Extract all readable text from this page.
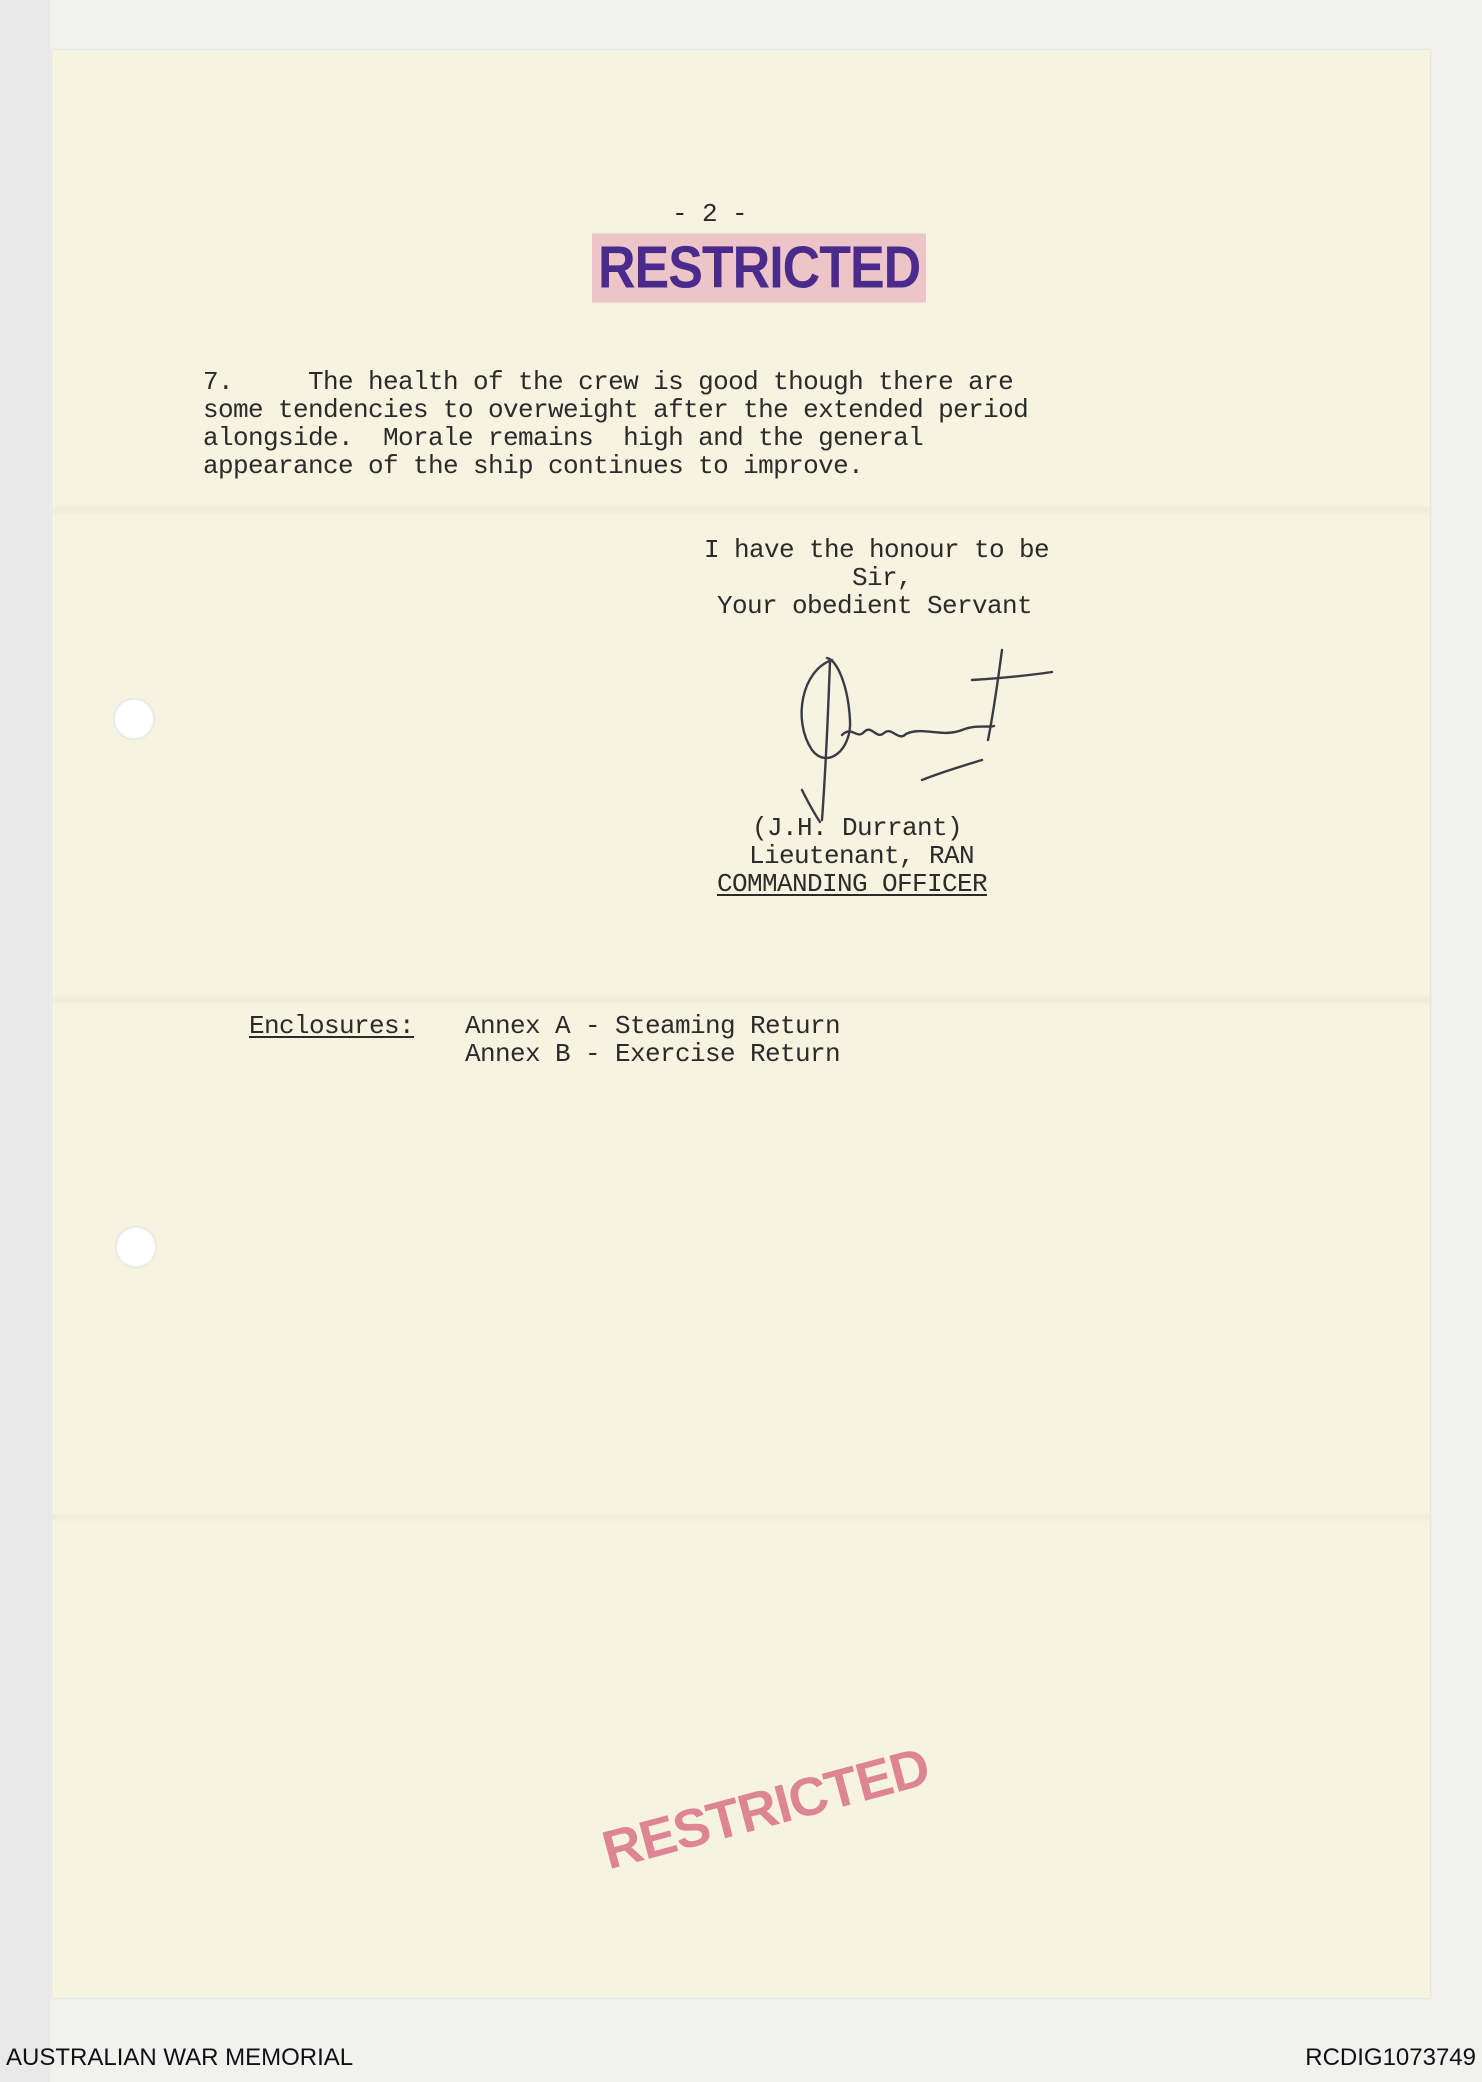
- 2 -
RESTRICTED
7.     The health of the crew is good though there are
some tendencies to overweight after the extended period
alongside.  Morale remains  high and the general
appearance of the ship continues to improve.
I have the honour to be
Sir,
Your obedient Servant
(J.H. Durrant)
Lieutenant, RAN
COMMANDING OFFICER
Enclosures: Annex A - Steaming Return
Annex B - Exercise Return
RESTRICTED
AUSTRALIAN WAR MEMORIAL	RCDIG1073749
